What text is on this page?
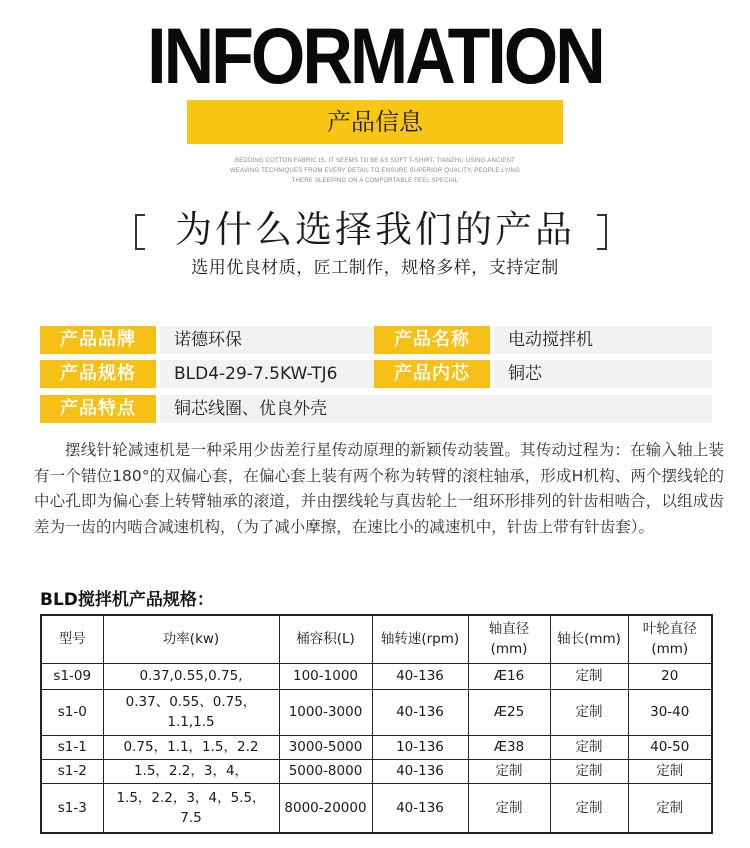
INFORMATION
产品信息
BEDDING COTTON FABRIC IS, IT SEEMS TO BE AS SOFT T-SHIRT, TIANZHU USING ANCIENT
WEAVING TECHNIQUES FROM EVERY DETAIL TO ENSURE SUPERIOR QUALITY, PEOPLE LYING
THERE SLEEPING ON A COMFORTABLE FEEL SPECIAL
为什么选择我们的产品
选用优良材质，匠工制作，规格多样，支持定制
产品品牌	诺德环保	产品名称	电动搅拌机
产品规格	BLD4-29-7.5KW-TJ6	产品内芯	铜芯
产品特点	铜芯线圈、优良外壳

摆线针轮减速机是一种采用少齿差行星传动原理的新颖传动装置。其传动过程为：在输入轴上装有一个错位180°的双偏心套，在偏心套上装有两个称为转臂的滚柱轴承，形成H机构、两个摆线轮的中心孔即为偏心套上转臂轴承的滚道，并由摆线轮与真齿轮上一组环形排列的针齿相啮合，以组成齿差为一齿的内啮合减速机构，（为了减小摩擦，在速比小的减速机中，针齿上带有针齿套）。

BLD搅拌机产品规格：
型号	功率(kw)	桶容积(L)	轴转速(rpm)	轴直径
(mm)	轴长(mm)	叶轮直径
(mm)
s1-09	0.37,0.55,0.75,	100-1000	40-136	Æ16	定制	20
s1-0	0.37、0.55、0.75，
1.1,1.5	1000-3000	40-136	Æ25	定制	30-40
s1-1	0.75，1.1，1.5，2.2	3000-5000	10-136	Æ38	定制	40-50
s1-2	1.5，2.2，3，4，	5000-8000	40-136	定制	定制	定制
s1-3	1.5，2.2，3，4，5.5，
7.5	8000-20000	40-136	定制	定制	定制
